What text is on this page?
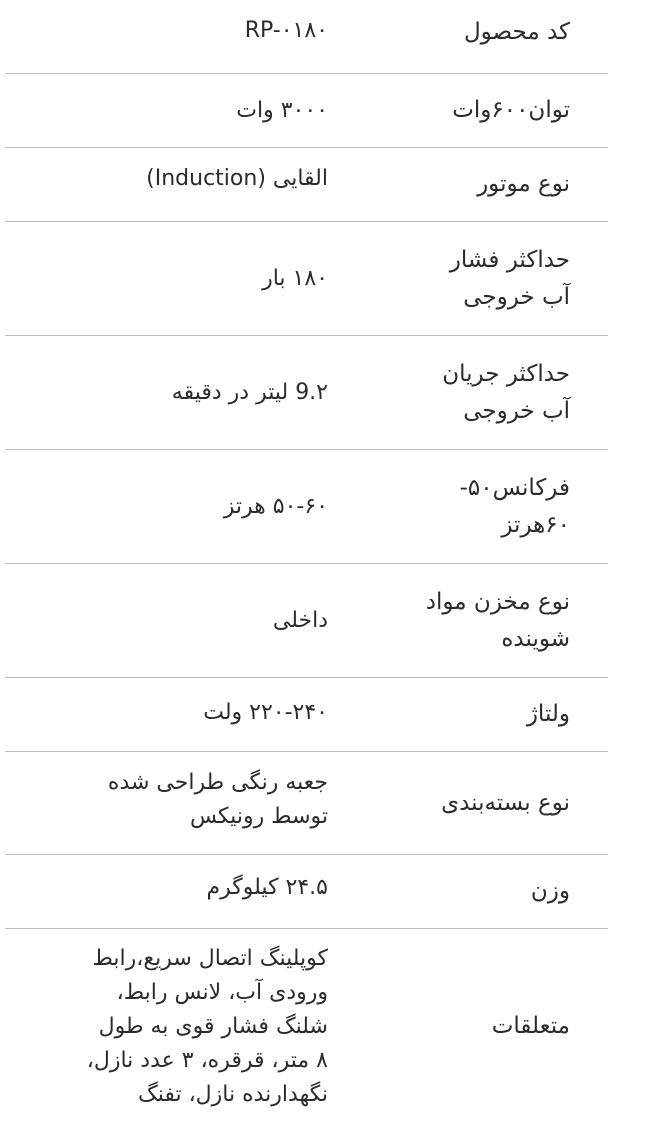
کد محصول
RP-۰۱۸۰
توان۶۰۰وات
۳۰۰۰ وات
نوع موتور
القایی (Induction)
حداکثر فشار
آب خروجی
۱۸۰ بار
حداکثر جریان
آب خروجی
9.۲ لیتر در دقیقه
فرکانس۵۰-
۶۰هرتز
۵۰-۶۰ هرتز
نوع مخزن مواد
شوینده
داخلی
ولتاژ
۲۲۰-۲۴۰ ولت
نوع بسته‌بندی
جعبه رنگی طراحی شده
توسط رونیکس
وزن
۲۴.۵ کیلوگرم
متعلقات
کوپلینگ اتصال سریع،رابط
ورودی آب، لانس رابط،
شلنگ فشار قوی به طول
۸ متر، قرقره، ۳ عدد نازل،
نگهدارنده نازل، تفنگ
